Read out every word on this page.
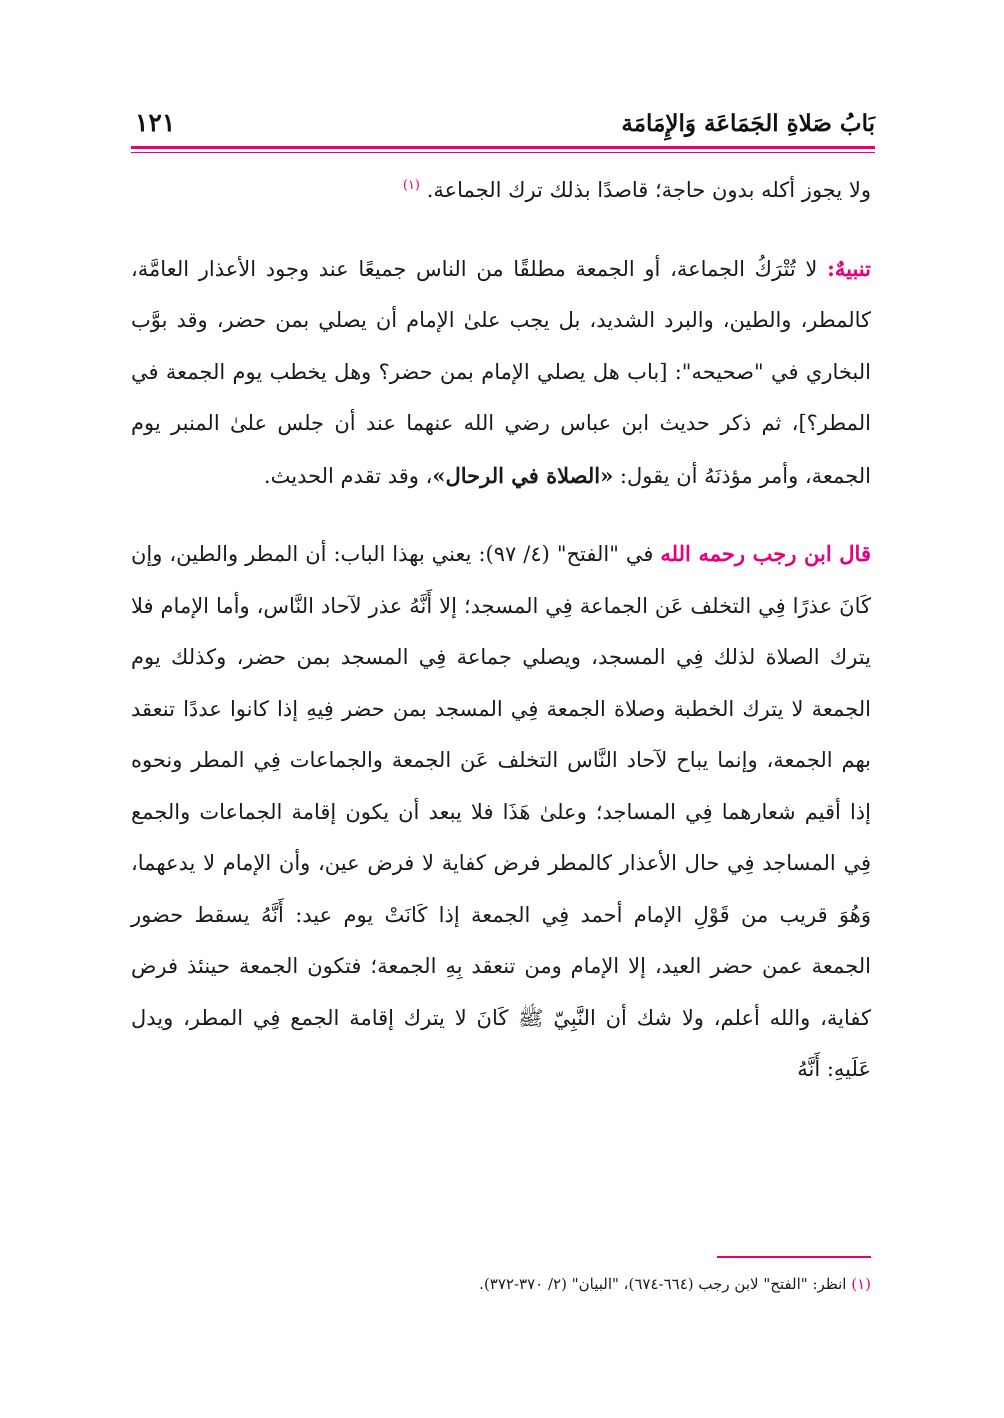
بَابُ صَلاةِ الجَمَاعَة وَالإِمَامَة
١٢١

ولا يجوز أكله بدون حاجة؛ قاصدًا بذلك ترك الجماعة. $^{(١)}$

تنبيهٌ: لا تُتْرَكُ الجماعة، أو الجمعة مطلقًا من الناس جميعًا عند وجود الأعذار العامَّة، كالمطر، والطين، والبرد الشديد، بل يجب علىٰ الإمام أن يصلي بمن حضر، وقد بوَّب البخاري في "صحيحه": [باب هل يصلي الإمام بمن حضر؟ وهل يخطب يوم الجمعة في المطر؟]، ثم ذكر حديث ابن عباس رضي الله عنهما عند أن جلس علىٰ المنبر يوم الجمعة، وأمر مؤذنَهُ أن يقول: «الصلاة في الرحال»، وقد تقدم الحديث.

قال ابن رجب رحمه الله في "الفتح" (٤/ ٩٧): يعني بهذا الباب: أن المطر والطين، وإن كَانَ عذرًا فِي التخلف عَن الجماعة فِي المسجد؛ إلا أَنَّهُ عذر لآحاد النَّاس، وأما الإمام فلا يترك الصلاة لذلك فِي المسجد، ويصلي جماعة فِي المسجد بمن حضر، وكذلك يوم الجمعة لا يترك الخطبة وصلاة الجمعة فِي المسجد بمن حضر فِيهِ إذا كانوا عددًا تنعقد بهم الجمعة، وإنما يباح لآحاد النَّاس التخلف عَن الجمعة والجماعات فِي المطر ونحوه إذا أقيم شعارهما فِي المساجد؛ وعلىٰ هَذَا فلا يبعد أن يكون إقامة الجماعات والجمع فِي المساجد فِي حال الأعذار كالمطر فرض كفاية لا فرض عين، وأن الإمام لا يدعهما، وَهُوَ قريب من قَوْلِ الإمام أحمد فِي الجمعة إذا كَانَتْ يوم عيد: أَنَّهُ يسقط حضور الجمعة عمن حضر العيد، إلا الإمام ومن تنعقد بِهِ الجمعة؛ فتكون الجمعة حينئذ فرض كفاية، والله أعلم، ولا شك أن النَّبِيّ ﷺ كَانَ لا يترك إقامة الجمع فِي المطر، ويدل عَلَيهِ: أَنَّهُ

(١) انظر: "الفتح" لابن رجب (٦٦٤-٦٧٤)، "البيان" (٢/ ٣٧٠-٣٧٢).
